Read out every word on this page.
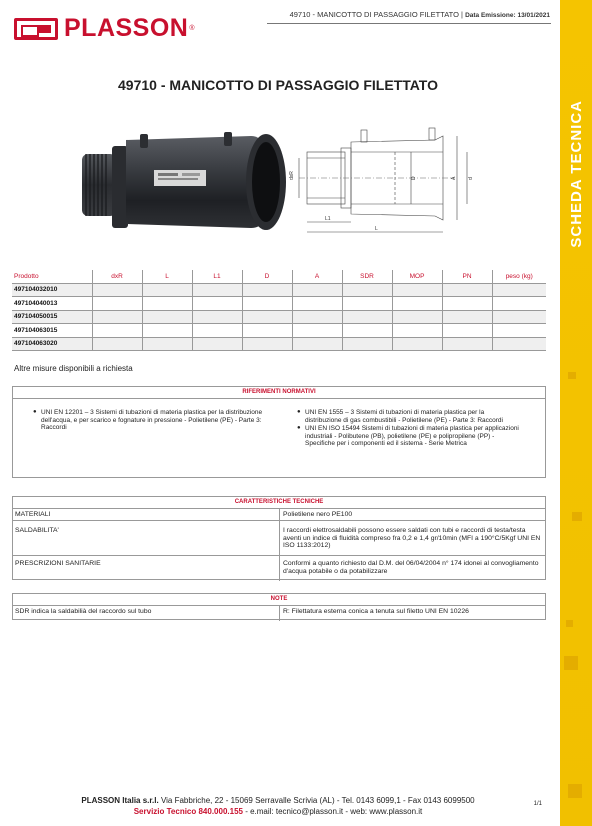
PLASSON ®
49710 - MANICOTTO DI PASSAGGIO FILETTATO | Data Emissione: 13/01/2021
49710 - MANICOTTO DI PASSAGGIO FILETTATO
SCHEDA TECNICA
dxR	D	A d
L1
L
Prodotto	dxR	L	L1	D	A	SDR	MOP	PN	peso (kg)
497104032010									
497104040013									
497104050015									
497104063015									
497104063020									
Altre misure disponibili a richiesta
RIFERIMENTI NORMATIVI
● UNI EN 12201 – 3 Sistemi di tubazioni di materia plastica per la distribuzione dell'acqua, e per scarico e fognature in pressione - Polietilene (PE) - Parte 3: Raccordi
● UNI EN 1555 – 3 Sistemi di tubazioni di materia plastica per la distribuzione di gas combustibili - Polietilene (PE) - Parte 3: Raccordi
● UNI EN ISO 15494 Sistemi di tubazioni di materia plastica per applicazioni industriali - Polibutene (PB), polietilene (PE) e polipropilene (PP) - Specifiche per i componenti ed il sistema - Serie Metrica
CARATTERISTICHE TECNICHE
MATERIALI	Polietilene nero PE100
SALDABILITA'	I raccordi elettrosaldabili possono essere saldati con tubi e raccordi di testa/testa aventi un indice di fluidità compreso fra 0,2 e 1,4 gr/10min (MFI a 190°C/5Kgf UNI EN ISO 1133:2012)
PRESCRIZIONI SANITARIE	Conformi a quanto richiesto dal D.M. del 06/04/2004 n° 174 idonei al convogliamento d'acqua potabile o da potabilizzare
NOTE
SDR indica la saldabilià del raccordo sul tubo	R: Filettatura esterna conica a tenuta sul filetto UNI EN 10226
PLASSON Italia s.r.l. Via Fabbriche, 22 - 15069 Serravalle Scrivia (AL) - Tel. 0143 6099,1 - Fax 0143 6099500
Servizio Tecnico 840.000.155 - e.mail: tecnico@plasson.it - web: www.plasson.it
1/1
